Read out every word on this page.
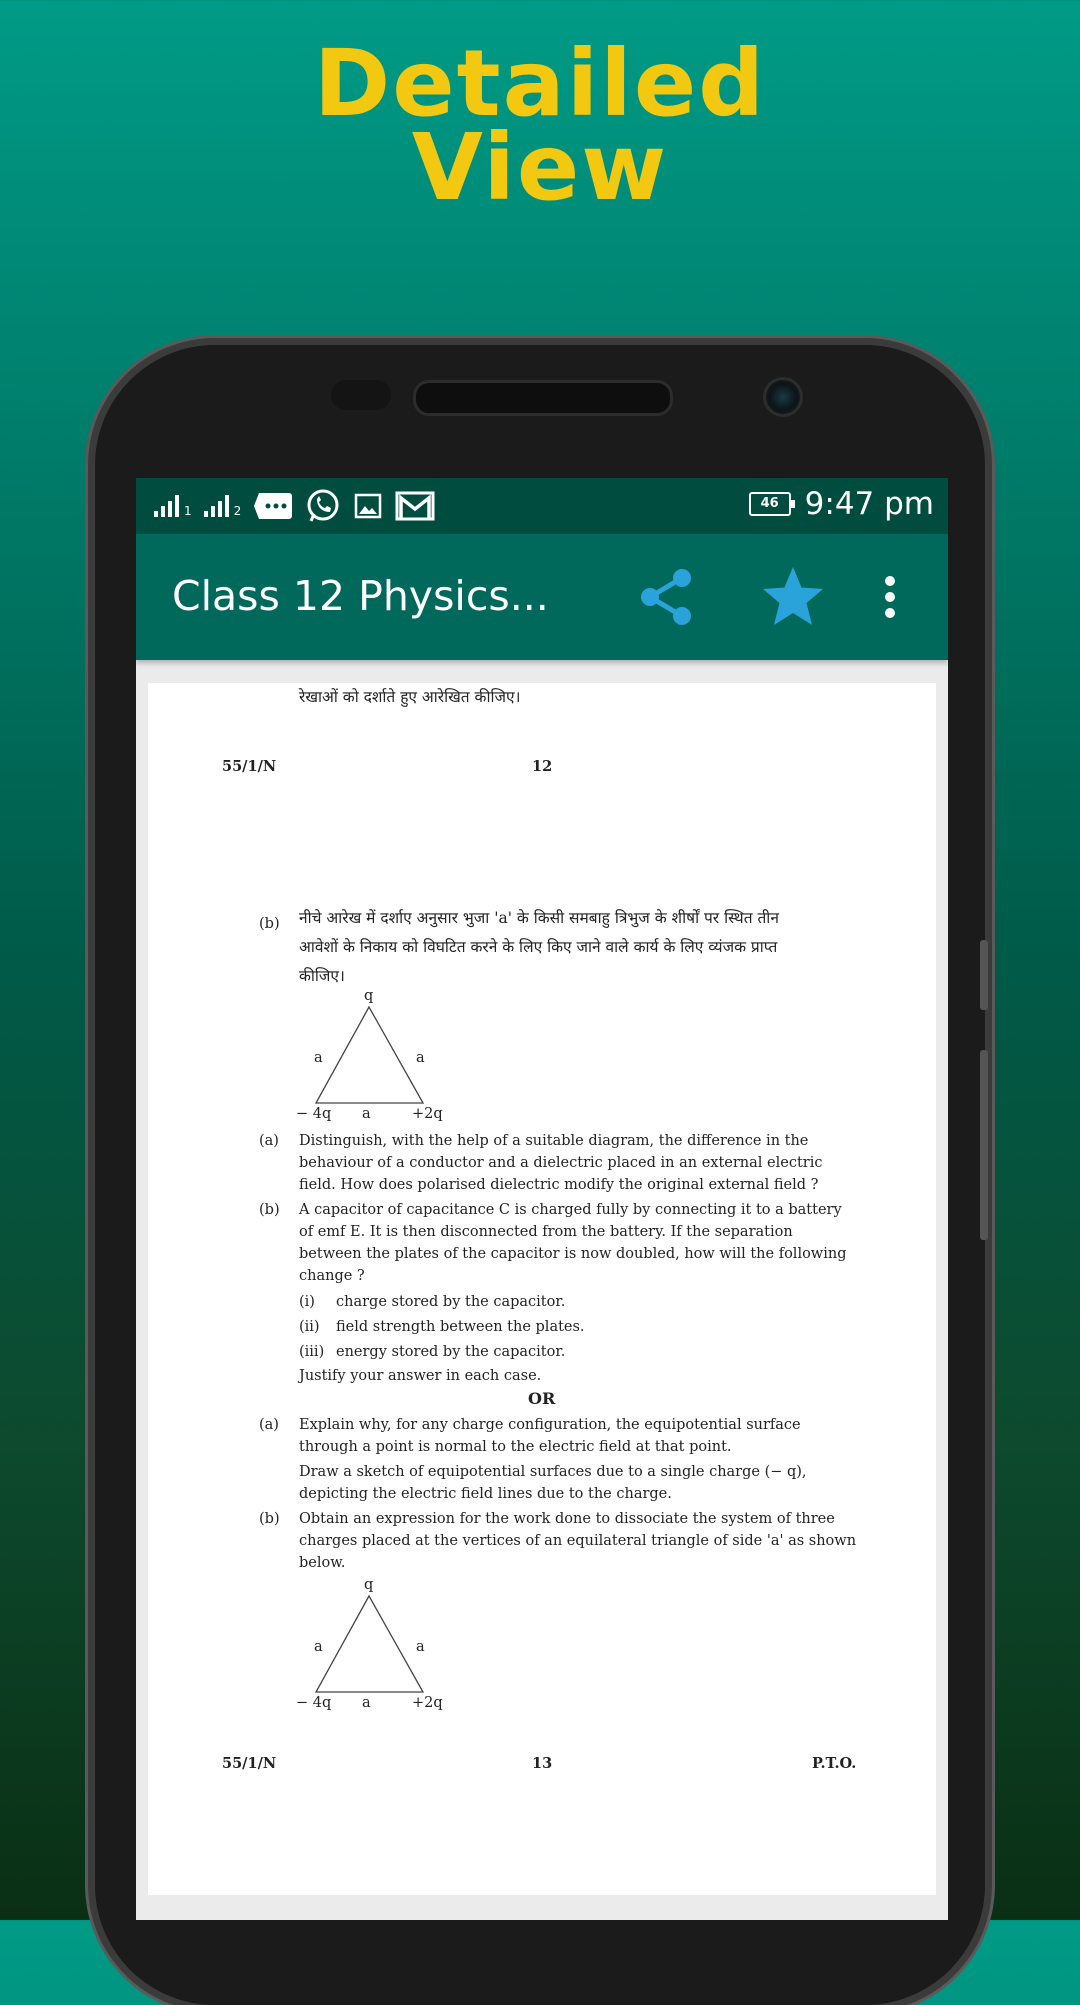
Detailed
View
1	2	46 9:47 pm
Class 12 Physics...
रेखाओं को दर्शाते हुए आरेखित कीजिए।
55/1/N	12
(b) नीचे आरेख में दर्शाए अनुसार भुजा 'a' के किसी समबाहु त्रिभुज के शीर्षों पर स्थित तीन
आवेशों के निकाय को विघटित करने के लिए किए जाने वाले कार्य के लिए व्यंजक प्राप्त
कीजिए।
q
a	a
− 4q a	+2q
(a) Distinguish, with the help of a suitable diagram, the difference in the
behaviour of a conductor and a dielectric placed in an external electric
field. How does polarised dielectric modify the original external field ?
(b) A capacitor of capacitance C is charged fully by connecting it to a battery
of emf E. It is then disconnected from the battery. If the separation
between the plates of the capacitor is now doubled, how will the following
change ?
(i) charge stored by the capacitor.
(ii) field strength between the plates.
(iii) energy stored by the capacitor.
Justify your answer in each case.
OR
(a) Explain why, for any charge configuration, the equipotential surface
through a point is normal to the electric field at that point.
Draw a sketch of equipotential surfaces due to a single charge (− q),
depicting the electric field lines due to the charge.
(b) Obtain an expression for the work done to dissociate the system of three
charges placed at the vertices of an equilateral triangle of side 'a' as shown
below.
q
a	a
− 4q a	+2q
55/1/N	13	P.T.O.
